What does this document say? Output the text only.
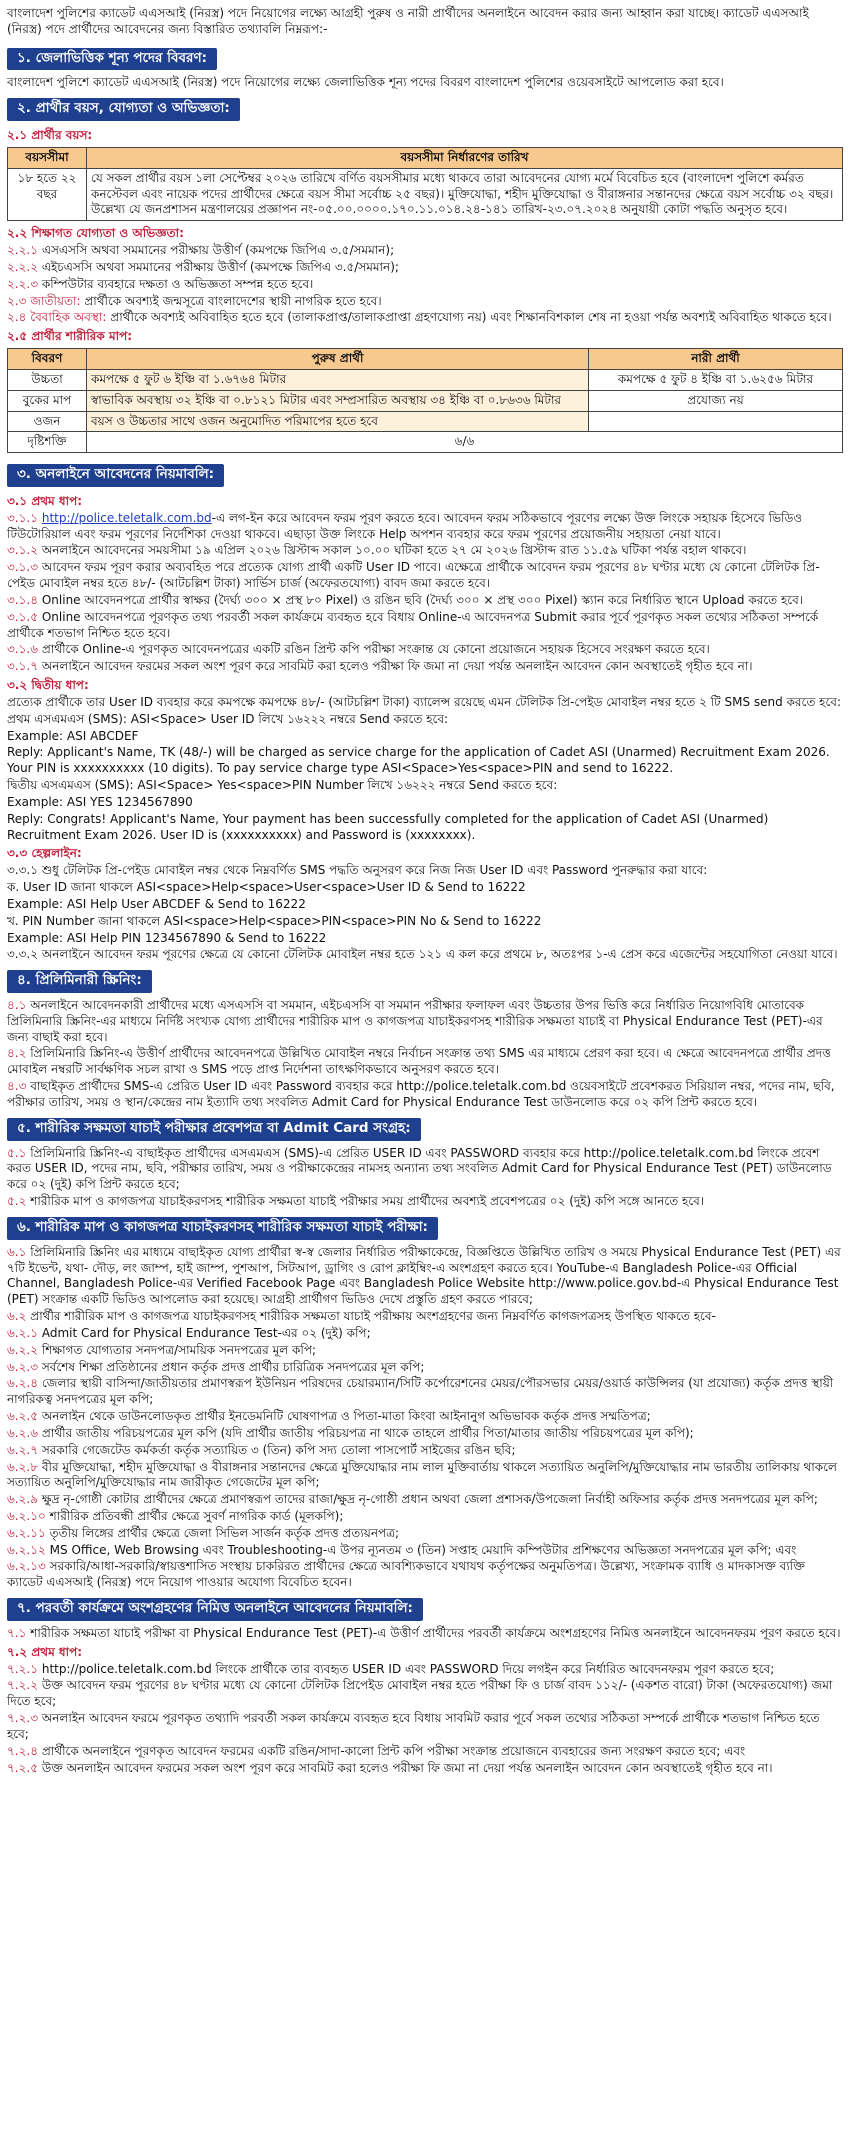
বাংলাদেশ পুলিশের ক্যাডেট এএসআই (নিরস্ত্র) পদে নিয়োগের লক্ষ্যে আগ্রহী পুরুষ ও নারী প্রার্থীদের অনলাইনে আবেদন করার জন্য আহ্বান করা যাচ্ছে। ক্যাডেট এএসআই (নিরস্ত্র) পদে প্রার্থীদের আবেদনের জন্য বিস্তারিত তথ্যাবলি নিম্নরূপ:-

১. জেলাভিত্তিক শূন্য পদের বিবরণ:

বাংলাদেশ পুলিশে ক্যাডেট এএসআই (নিরস্ত্র) পদে নিয়োগের লক্ষ্যে জেলাভিত্তিক শূন্য পদের বিবরণ বাংলাদেশ পুলিশের ওয়েবসাইটে আপলোড করা হবে।

২. প্রার্থীর বয়স, যোগ্যতা ও অভিজ্ঞতা:
২.১ প্রার্থীর বয়স:
বয়সসীমা	বয়সসীমা নির্ধারণের তারিখ
১৮ হতে ২২ বছর	যে সকল প্রার্থীর বয়স ১লা সেপ্টেম্বর ২০২৬ তারিখে বর্ণিত বয়সসীমার মধ্যে থাকবে তারা আবেদনের যোগ্য মর্মে বিবেচিত হবে (বাংলাদেশ পুলিশে কর্মরত কনস্টেবল এবং নায়েক পদের প্রার্থীদের ক্ষেত্রে বয়স সীমা সর্বোচ্চ ২৫ বছর)। মুক্তিযোদ্ধা, শহীদ মুক্তিযোদ্ধা ও বীরাঙ্গনার সন্তানদের ক্ষেত্রে বয়স সর্বোচ্চ ৩২ বছর। উল্লেখ্য যে জনপ্রশাসন মন্ত্রণালয়ের প্রজ্ঞাপন নং-০৫.০০.০০০০.১৭০.১১.০১৪.২৪-১৪১ তারিখ-২৩.০৭.২০২৪ অনুযায়ী কোটা পদ্ধতি অনুসৃত হবে।
২.২ শিক্ষাগত যোগ্যতা ও অভিজ্ঞতা:

২.২.১ এসএসসি অথবা সমমানের পরীক্ষায় উত্তীর্ণ (কমপক্ষে জিপিএ ৩.৫/সমমান);

২.২.২ এইচএসসি অথবা সমমানের পরীক্ষায় উত্তীর্ণ (কমপক্ষে জিপিএ ৩.৫/সমমান);

২.২.৩ কম্পিউটার ব্যবহারে দক্ষতা ও অভিজ্ঞতা সম্পন্ন হতে হবে।

২.৩ জাতীয়তা: প্রার্থীকে অবশ্যই জন্মসূত্রে বাংলাদেশের স্থায়ী নাগরিক হতে হবে।

২.৪ বৈবাহিক অবস্থা: প্রার্থীকে অবশ্যই অবিবাহিত হতে হবে (তালাকপ্রাপ্ত/তালাকপ্রাপ্তা গ্রহণযোগ্য নয়) এবং শিক্ষানবিশকাল শেষ না হওয়া পর্যন্ত অবশ্যই অবিবাহিত থাকতে হবে।

২.৫ প্রার্থীর শারীরিক মাপ:
বিবরণ	পুরুষ প্রার্থী	নারী প্রার্থী
উচ্চতা	কমপক্ষে ৫ ফুট ৬ ইঞ্চি বা ১.৬৭৬৪ মিটার	কমপক্ষে ৫ ফুট ৪ ইঞ্চি বা ১.৬২৫৬ মিটার
বুকের মাপ	স্বাভাবিক অবস্থায় ৩২ ইঞ্চি বা ০.৮১২১ মিটার এবং সম্প্রসারিত অবস্থায় ৩৪ ইঞ্চি বা ০.৮৬৩৬ মিটার	প্রযোজ্য নয়
ওজন	বয়স ও উচ্চতার সাথে ওজন অনুমোদিত পরিমাপের হতে হবে	
দৃষ্টিশক্তি	৬/৬	
৩. অনলাইনে আবেদনের নিয়মাবলি:
৩.১ প্রথম ধাপ:

৩.১.১ http://police.teletalk.com.bd-এ লগ-ইন করে আবেদন ফরম পূরণ করতে হবে। আবেদন ফরম সঠিকভাবে পূরণের লক্ষ্যে উক্ত লিংকে সহায়ক হিসেবে ভিডিও টিউটোরিয়াল এবং ফরম পূরণের নির্দেশিকা দেওয়া থাকবে। এছাড়া উক্ত লিংকে Help অপশন ব্যবহার করে ফরম পূরণের প্রয়োজনীয় সহায়তা নেয়া যাবে।

৩.১.২ অনলাইনে আবেদনের সময়সীমা ১৯ এপ্রিল ২০২৬ খ্রিস্টাব্দ সকাল ১০.০০ ঘটিকা হতে ২৭ মে ২০২৬ খ্রিস্টাব্দ রাত ১১.৫৯ ঘটিকা পর্যন্ত বহাল থাকবে।

৩.১.৩ আবেদন ফরম পূরণ করার অব্যবহিত পরে প্রত্যেক যোগ্য প্রার্থী একটি User ID পাবে। এক্ষেত্রে প্রার্থীকে আবেদন ফরম পূরণের ৪৮ ঘণ্টার মধ্যে যে কোনো টেলিটক প্রি-পেইড মোবাইল নম্বর হতে ৪৮/- (আটচল্লিশ টাকা) সার্ভিস চার্জ (অফেরতযোগ্য) বাবদ জমা করতে হবে।

৩.১.৪ Online আবেদনপত্রে প্রার্থীর স্বাক্ষর (দৈর্ঘ্য ৩০০ × প্রস্থ ৮০ Pixel) ও রঙিন ছবি (দৈর্ঘ্য ৩০০ × প্রস্থ ৩০০ Pixel) স্ক্যান করে নির্ধারিত স্থানে Upload করতে হবে।

৩.১.৫ Online আবেদনপত্রে পূরণকৃত তথ্য পরবর্তী সকল কার্যক্রমে ব্যবহৃত হবে বিধায় Online-এ আবেদনপত্র Submit করার পূর্বে পূরণকৃত সকল তথ্যের সঠিকতা সম্পর্কে প্রার্থীকে শতভাগ নিশ্চিত হতে হবে।

৩.১.৬ প্রার্থীকে Online-এ পূরণকৃত আবেদনপত্রের একটি রঙিন প্রিন্ট কপি পরীক্ষা সংক্রান্ত যে কোনো প্রয়োজনে সহায়ক হিসেবে সংরক্ষণ করতে হবে।

৩.১.৭ অনলাইনে আবেদন ফরমের সকল অংশ পূরণ করে সাবমিট করা হলেও পরীক্ষা ফি জমা না দেয়া পর্যন্ত অনলাইন আবেদন কোন অবস্থাতেই গৃহীত হবে না।

৩.২ দ্বিতীয় ধাপ:

প্রত্যেক প্রার্থীকে তার User ID ব্যবহার করে কমপক্ষে কমপক্ষে ৪৮/- (আটচল্লিশ টাকা) ব্যালেন্স রয়েছে এমন টেলিটক প্রি-পেইড মোবাইল নম্বর হতে ২ টি SMS send করতে হবে:

প্রথম এসএমএস (SMS): ASI<Space> User ID লিখে ১৬২২২ নম্বরে Send করতে হবে:

Example: ASI ABCDEF

Reply: Applicant's Name, TK (48/-) will be charged as service charge for the application of Cadet ASI (Unarmed) Recruitment Exam 2026. Your PIN is xxxxxxxxxx (10 digits). To pay service charge type ASI<Space>Yes<space>PIN and send to 16222.

দ্বিতীয় এসএমএস (SMS): ASI<Space> Yes<space>PIN Number লিখে ১৬২২২ নম্বরে Send করতে হবে:

Example: ASI YES 1234567890

Reply: Congrats! Applicant's Name, Your payment has been successfully completed for the application of Cadet ASI (Unarmed) Recruitment Exam 2026. User ID is (xxxxxxxxxx) and Password is (xxxxxxxx).

৩.৩ হেল্পলাইন:

৩.৩.১ শুধু টেলিটক প্রি-পেইড মোবাইল নম্বর থেকে নিম্নবর্ণিত SMS পদ্ধতি অনুসরণ করে নিজ নিজ User ID এবং Password পুনরুদ্ধার করা যাবে:

ক. User ID জানা থাকলে ASI<space>Help<space>User<space>User ID & Send to 16222

Example: ASI Help User ABCDEF & Send to 16222

খ. PIN Number জানা থাকলে ASI<space>Help<space>PIN<space>PIN No & Send to 16222

Example: ASI Help PIN 1234567890 & Send to 16222

৩.৩.২ অনলাইনে আবেদন ফরম পূরণের ক্ষেত্রে যে কোনো টেলিটক মোবাইল নম্বর হতে ১২১ এ কল করে প্রথমে ৮, অতঃপর ১-এ প্রেস করে এজেন্টের সহযোগিতা নেওয়া যাবে।

৪. প্রিলিমিনারী স্ক্রিনিং:

৪.১ অনলাইনে আবেদনকারী প্রার্থীদের মধ্যে এসএসসি বা সমমান, এইচএসসি বা সমমান পরীক্ষার ফলাফল এবং উচ্চতার উপর ভিত্তি করে নির্ধারিত নিয়োগবিধি মোতাবেক প্রিলিমিনারি স্ক্রিনিং-এর মাধ্যমে নির্দিষ্ট সংখ্যক যোগ্য প্রার্থীদের শারীরিক মাপ ও কাগজপত্র যাচাইকরণসহ শারীরিক সক্ষমতা যাচাই বা Physical Endurance Test (PET)-এর জন্য বাছাই করা হবে।

৪.২ প্রিলিমিনারি স্ক্রিনিং-এ উত্তীর্ণ প্রার্থীদের আবেদনপত্রে উল্লিখিত মোবাইল নম্বরে নির্বাচন সংক্রান্ত তথ্য SMS এর মাধ্যমে প্রেরণ করা হবে। এ ক্ষেত্রে আবেদনপত্রে প্রার্থীর প্রদত্ত মোবাইল নম্বরটি সার্বক্ষণিক সচল রাখা ও SMS পড়ে প্রাপ্ত নির্দেশনা তাৎক্ষণিকভাবে অনুসরণ করতে হবে।

৪.৩ বাছাইকৃত প্রার্থীদের SMS-এ প্রেরিত User ID এবং Password ব্যবহার করে http://police.teletalk.com.bd ওয়েবসাইটে প্রবেশকরত সিরিয়াল নম্বর, পদের নাম, ছবি, পরীক্ষার তারিখ, সময় ও স্থান/কেন্দ্রের নাম ইত্যাদি তথ্য সংবলিত Admit Card for Physical Endurance Test ডাউনলোড করে ০২ কপি প্রিন্ট করতে হবে।

৫. শারীরিক সক্ষমতা যাচাই পরীক্ষার প্রবেশপত্র বা Admit Card সংগ্রহ:

৫.১ প্রিলিমিনারি স্ক্রিনিং-এ বাছাইকৃত প্রার্থীদের এসএমএস (SMS)-এ প্রেরিত USER ID এবং PASSWORD ব্যবহার করে http://police.teletalk.com.bd লিংকে প্রবেশ করত USER ID, পদের নাম, ছবি, পরীক্ষার তারিখ, সময় ও পরীক্ষাকেন্দ্রের নামসহ অন্যান্য তথ্য সংবলিত Admit Card for Physical Endurance Test (PET) ডাউনলোড করে ০২ (দুই) কপি প্রিন্ট করতে হবে;

৫.২ শারীরিক মাপ ও কাগজপত্র যাচাইকরণসহ শারীরিক সক্ষমতা যাচাই পরীক্ষার সময় প্রার্থীদের অবশ্যই প্রবেশপত্রের ০২ (দুই) কপি সঙ্গে আনতে হবে।

৬. শারীরিক মাপ ও কাগজপত্র যাচাইকরণসহ শারীরিক সক্ষমতা যাচাই পরীক্ষা:

৬.১ প্রিলিমিনারি স্ক্রিনিং এর মাধ্যমে বাছাইকৃত যোগ্য প্রার্থীরা স্ব-স্ব জেলার নির্ধারিত পরীক্ষাকেন্দ্রে, বিজ্ঞপ্তিতে উল্লিখিত তারিখ ও সময়ে Physical Endurance Test (PET) এর ৭টি ইভেন্ট, যথা- দৌড়, লং জাম্প, হাই জাম্প, পুশআপ, সিটআপ, ড্রাগিং ও রোপ ক্লাইম্বিং-এ অংশগ্রহণ করতে হবে। YouTube-এ Bangladesh Police-এর Official Channel, Bangladesh Police-এর Verified Facebook Page এবং Bangladesh Police Website http://www.police.gov.bd-এ Physical Endurance Test (PET) সংক্রান্ত একটি ভিডিও আপলোড করা হয়েছে। আগ্রহী প্রার্থীগণ ভিডিও দেখে প্রস্তুতি গ্রহণ করতে পারবে;

৬.২ প্রার্থীর শারীরিক মাপ ও কাগজপত্র যাচাইকরণসহ শারীরিক সক্ষমতা যাচাই পরীক্ষায় অংশগ্রহণের জন্য নিম্নবর্ণিত কাগজপত্রসহ উপস্থিত থাকতে হবে-

৬.২.১ Admit Card for Physical Endurance Test-এর ০২ (দুই) কপি;

৬.২.২ শিক্ষাগত যোগ্যতার সনদপত্র/সাময়িক সনদপত্রের মূল কপি;

৬.২.৩ সর্বশেষ শিক্ষা প্রতিষ্ঠানের প্রধান কর্তৃক প্রদত্ত প্রার্থীর চারিত্রিক সনদপত্রের মূল কপি;

৬.২.৪ জেলার স্থায়ী বাসিন্দা/জাতীয়তার প্রমাণস্বরূপ ইউনিয়ন পরিষদের চেয়ারম্যান/সিটি কর্পোরেশনের মেয়র/পৌরসভার মেয়র/ওয়ার্ড কাউন্সিলর (যা প্রযোজ্য) কর্তৃক প্রদত্ত স্থায়ী নাগরিকত্ব সনদপত্রের মূল কপি;

৬.২.৫ অনলাইন থেকে ডাউনলোডকৃত প্রার্থীর ইনডেমনিটি ঘোষণাপত্র ও পিতা-মাতা কিংবা আইনানুগ অভিভাবক কর্তৃক প্রদত্ত সম্মতিপত্র;

৬.২.৬ প্রার্থীর জাতীয় পরিচয়পত্রের মূল কপি (যদি প্রার্থীর জাতীয় পরিচয়পত্র না থাকে তাহলে প্রার্থীর পিতা/মাতার জাতীয় পরিচয়পত্রের মূল কপি);

৬.২.৭ সরকারি গেজেটেড কর্মকর্তা কর্তৃক সত্যায়িত ৩ (তিন) কপি সদ্য তোলা পাসপোর্ট সাইজের রঙিন ছবি;

৬.২.৮ বীর মুক্তিযোদ্ধা, শহীদ মুক্তিযোদ্ধা ও বীরাঙ্গনার সন্তানদের ক্ষেত্রে মুক্তিযোদ্ধার নাম লাল মুক্তিবার্তায় থাকলে সত্যায়িত অনুলিপি/মুক্তিযোদ্ধার নাম ভারতীয় তালিকায় থাকলে সত্যায়িত অনুলিপি/মুক্তিযোদ্ধার নাম জারীকৃত গেজেটের মূল কপি;

৬.২.৯ ক্ষুদ্র নৃ-গোষ্ঠী কোটার প্রার্থীদের ক্ষেত্রে প্রমাণস্বরূপ তাদের রাজা/ক্ষুদ্র নৃ-গোষ্ঠী প্রধান অথবা জেলা প্রশাসক/উপজেলা নির্বাহী অফিসার কর্তৃক প্রদত্ত সনদপত্রের মূল কপি;

৬.২.১০ শারীরিক প্রতিবন্ধী প্রার্থীর ক্ষেত্রে সুবর্ণ নাগরিক কার্ড (মূলকপি);

৬.২.১১ তৃতীয় লিঙ্গের প্রার্থীর ক্ষেত্রে জেলা সিভিল সার্জন কর্তৃক প্রদত্ত প্রত্যয়নপত্র;

৬.২.১২ MS Office, Web Browsing এবং Troubleshooting-এ উপর ন্যূনতম ৩ (তিন) সপ্তাহ মেয়াদি কম্পিউটার প্রশিক্ষণের অভিজ্ঞতা সনদপত্রের মূল কপি; এবং

৬.২.১৩ সরকারি/আধা-সরকারি/স্বায়ত্তশাসিত সংস্থায় চাকরিরত প্রার্থীদের ক্ষেত্রে আবশ্যিকভাবে যথাযথ কর্তৃপক্ষের অনুমতিপত্র। উল্লেখ্য, সংক্রামক ব্যাধি ও মাদকাসক্ত ব্যক্তি ক্যাডেট এএসআই (নিরস্ত্র) পদে নিয়োগ পাওয়ার অযোগ্য বিবেচিত হবেন।

৭. পরবর্তী কার্যক্রমে অংশগ্রহণের নিমিত্ত অনলাইনে আবেদনের নিয়মাবলি:

৭.১ শারীরিক সক্ষমতা যাচাই পরীক্ষা বা Physical Endurance Test (PET)-এ উত্তীর্ণ প্রার্থীদের পরবর্তী কার্যক্রমে অংশগ্রহণের নিমিত্ত অনলাইনে আবেদনফরম পূরণ করতে হবে।

৭.২ প্রথম ধাপ:

৭.২.১ http://police.teletalk.com.bd লিংকে প্রার্থীকে তার ব্যবহৃত USER ID এবং PASSWORD দিয়ে লগইন করে নির্ধারিত আবেদনফরম পূরণ করতে হবে;

৭.২.২ উক্ত আবেদন ফরম পূরণের ৪৮ ঘণ্টার মধ্যে যে কোনো টেলিটক প্রিপেইড মোবাইল নম্বর হতে পরীক্ষা ফি ও চার্জ বাবদ ১১২/- (একশত বারো) টাকা (অফেরতযোগ্য) জমা দিতে হবে;

৭.২.৩ অনলাইন আবেদন ফরমে পূরণকৃত তথ্যাদি পরবর্তী সকল কার্যক্রমে ব্যবহৃত হবে বিধায় সাবমিট করার পূর্বে সকল তথ্যের সঠিকতা সম্পর্কে প্রার্থীকে শতভাগ নিশ্চিত হতে হবে;

৭.২.৪ প্রার্থীকে অনলাইনে পূরণকৃত আবেদন ফরমের একটি রঙিন/সাদা-কালো প্রিন্ট কপি পরীক্ষা সংক্রান্ত প্রয়োজনে ব্যবহারের জন্য সংরক্ষণ করতে হবে; এবং

৭.২.৫ উক্ত অনলাইন আবেদন ফরমের সকল অংশ পূরণ করে সাবমিট করা হলেও পরীক্ষা ফি জমা না দেয়া পর্যন্ত অনলাইন আবেদন কোন অবস্থাতেই গৃহীত হবে না।
